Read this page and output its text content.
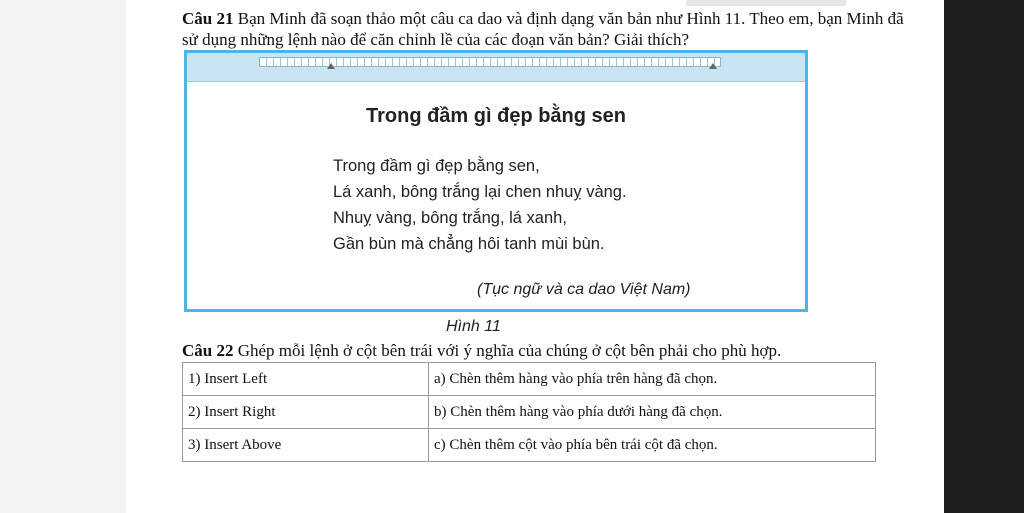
Câu 21 Bạn Minh đã soạn thảo một câu ca dao và định dạng văn bản như Hình 11. Theo em, bạn Minh đã sử dụng những lệnh nào để căn chỉnh lề của các đoạn văn bản? Giải thích?
Trong đầm gì đẹp bằng sen
Trong đầm gì đẹp bằng sen,
Lá xanh, bông trắng lại chen nhuỵ vàng.
Nhuỵ vàng, bông trắng, lá xanh,
Gần bùn mà chẳng hôi tanh mùi bùn.
(Tục ngữ và ca dao Việt Nam)
Hình 11
Câu 22 Ghép mỗi lệnh ở cột bên trái với ý nghĩa của chúng ở cột bên phải cho phù hợp.
1) Insert Left	a) Chèn thêm hàng vào phía trên hàng đã chọn.
2) Insert Right	b) Chèn thêm hàng vào phía dưới hàng đã chọn.
3) Insert Above	c) Chèn thêm cột vào phía bên trái cột đã chọn.
